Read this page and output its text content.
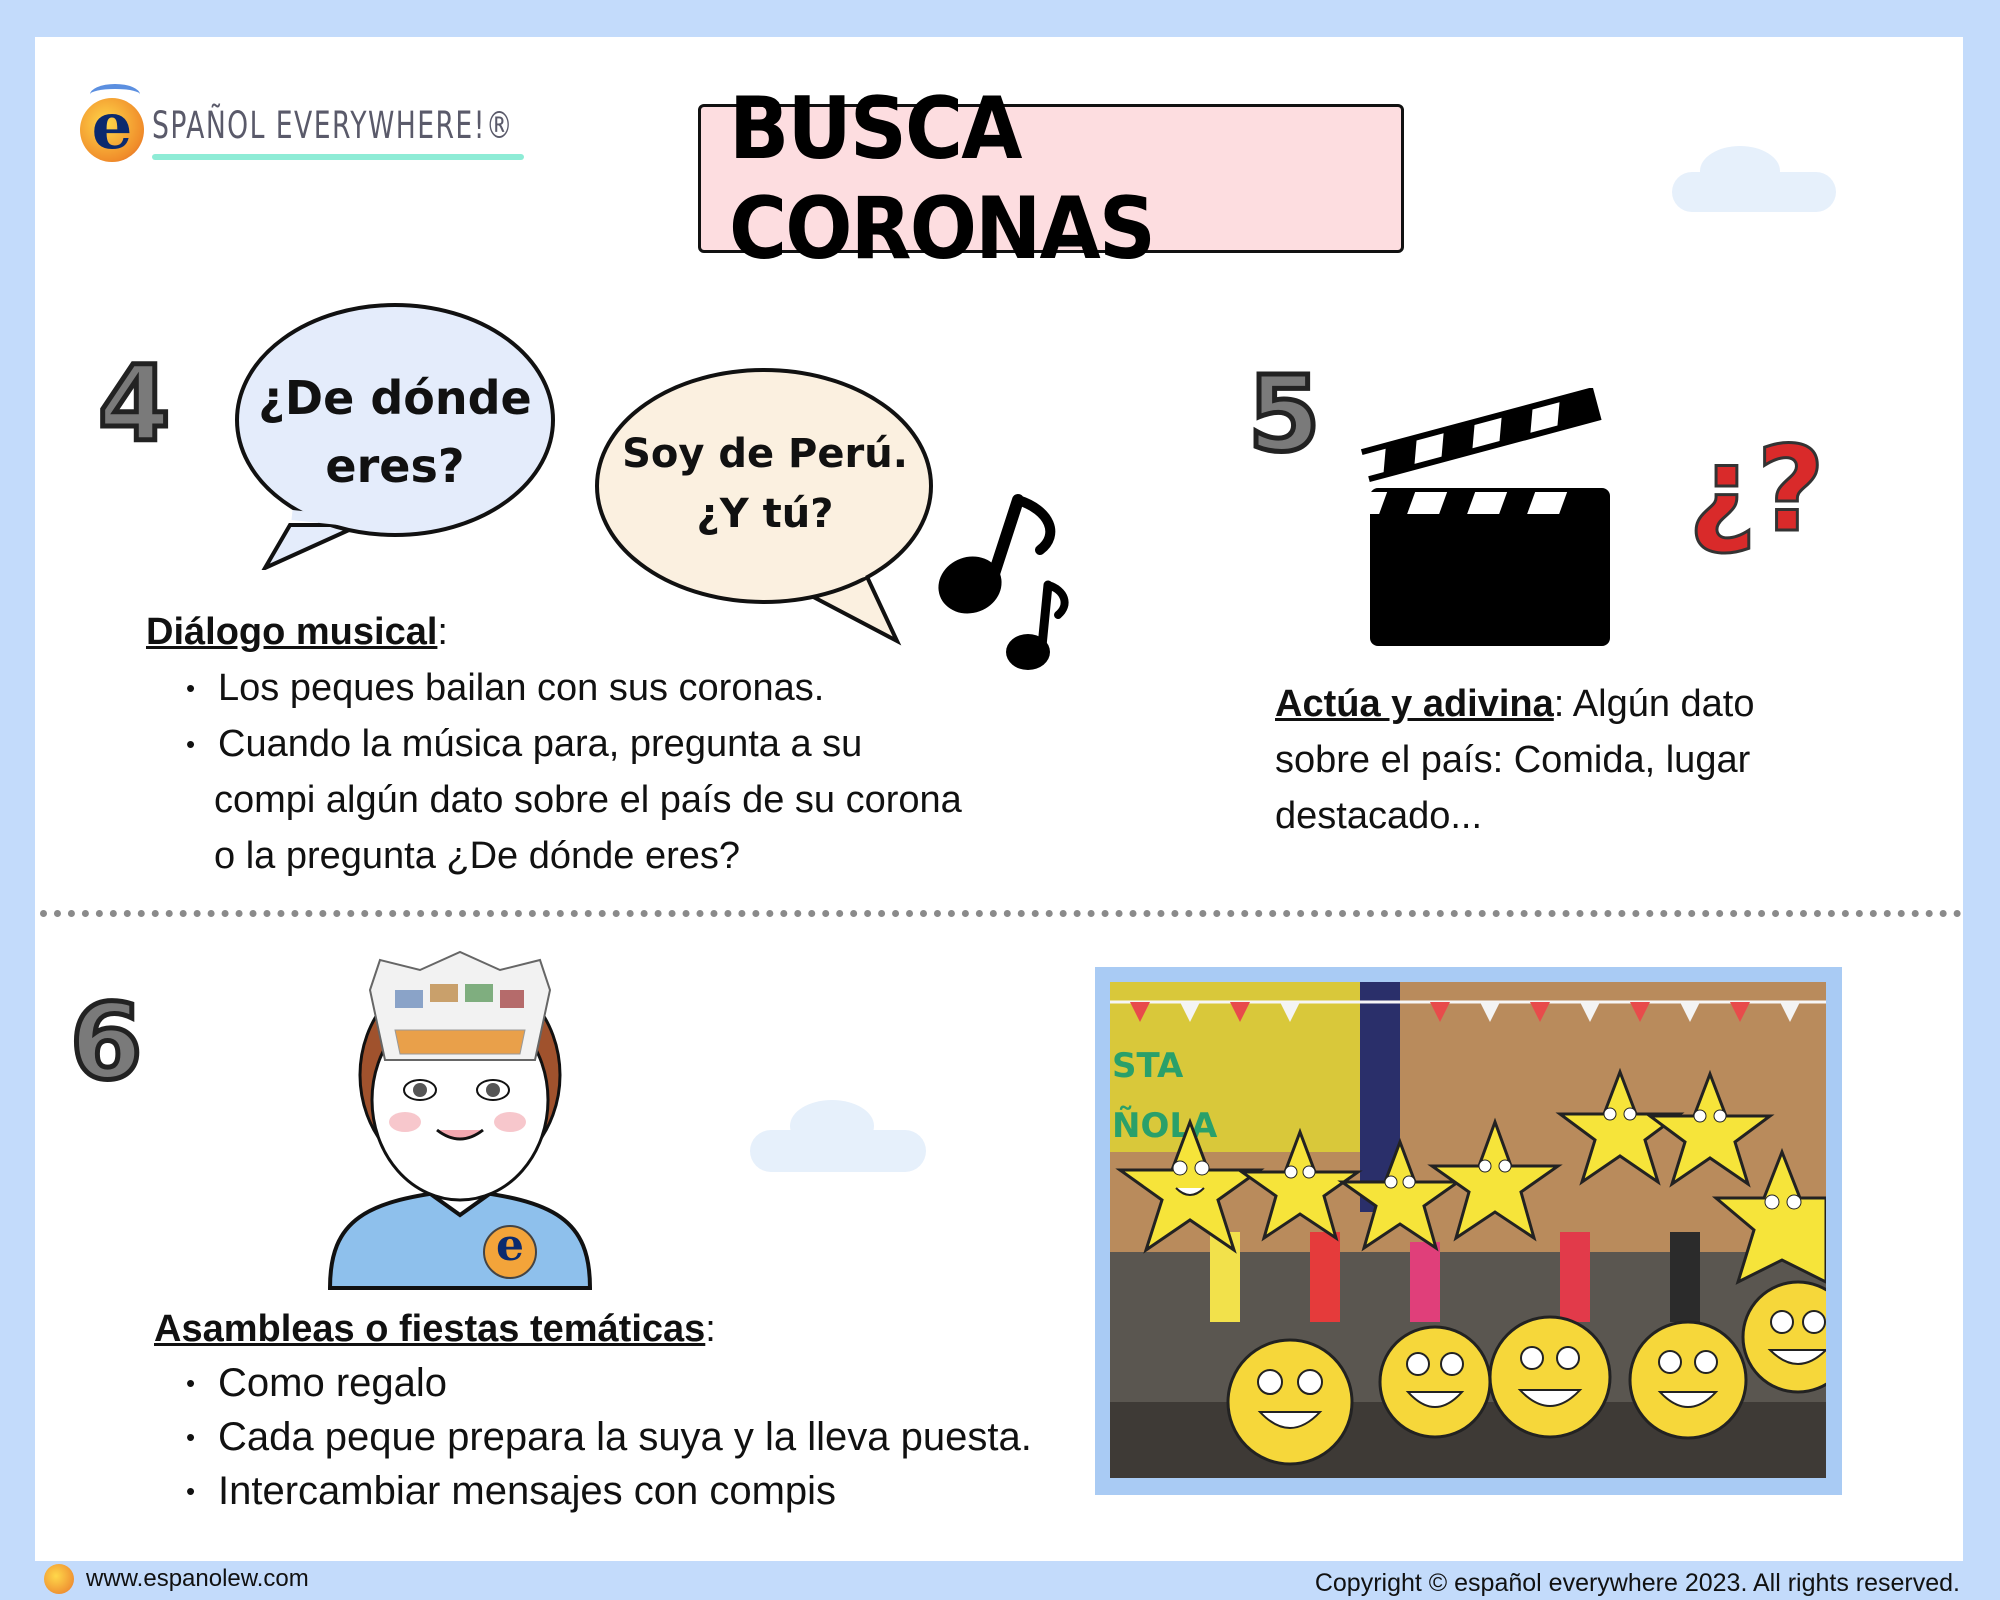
e SPAÑOL EVERYWHERE!®	BUSCA CORONAS
4	¿De dónde
eres?	Soy de Perú.
¿Y tú?
Diálogo musical:
• Los peques bailan con sus coronas.
• Cuando la música para, pregunta a su
compi algún dato sobre el país de su corona
o la pregunta ¿De dónde eres?
5
¿?
Actúa y adivina: Algún dato
sobre el país: Comida, lugar
destacado...
6
e
Asambleas o fiestas temáticas:
• Como regalo
• Cada peque prepara la suya y la lleva puesta.
• Intercambiar mensajes con compis
STA ÑOLA
www.espanolew.com	Copyright © español everywhere 2023. All rights reserved.
